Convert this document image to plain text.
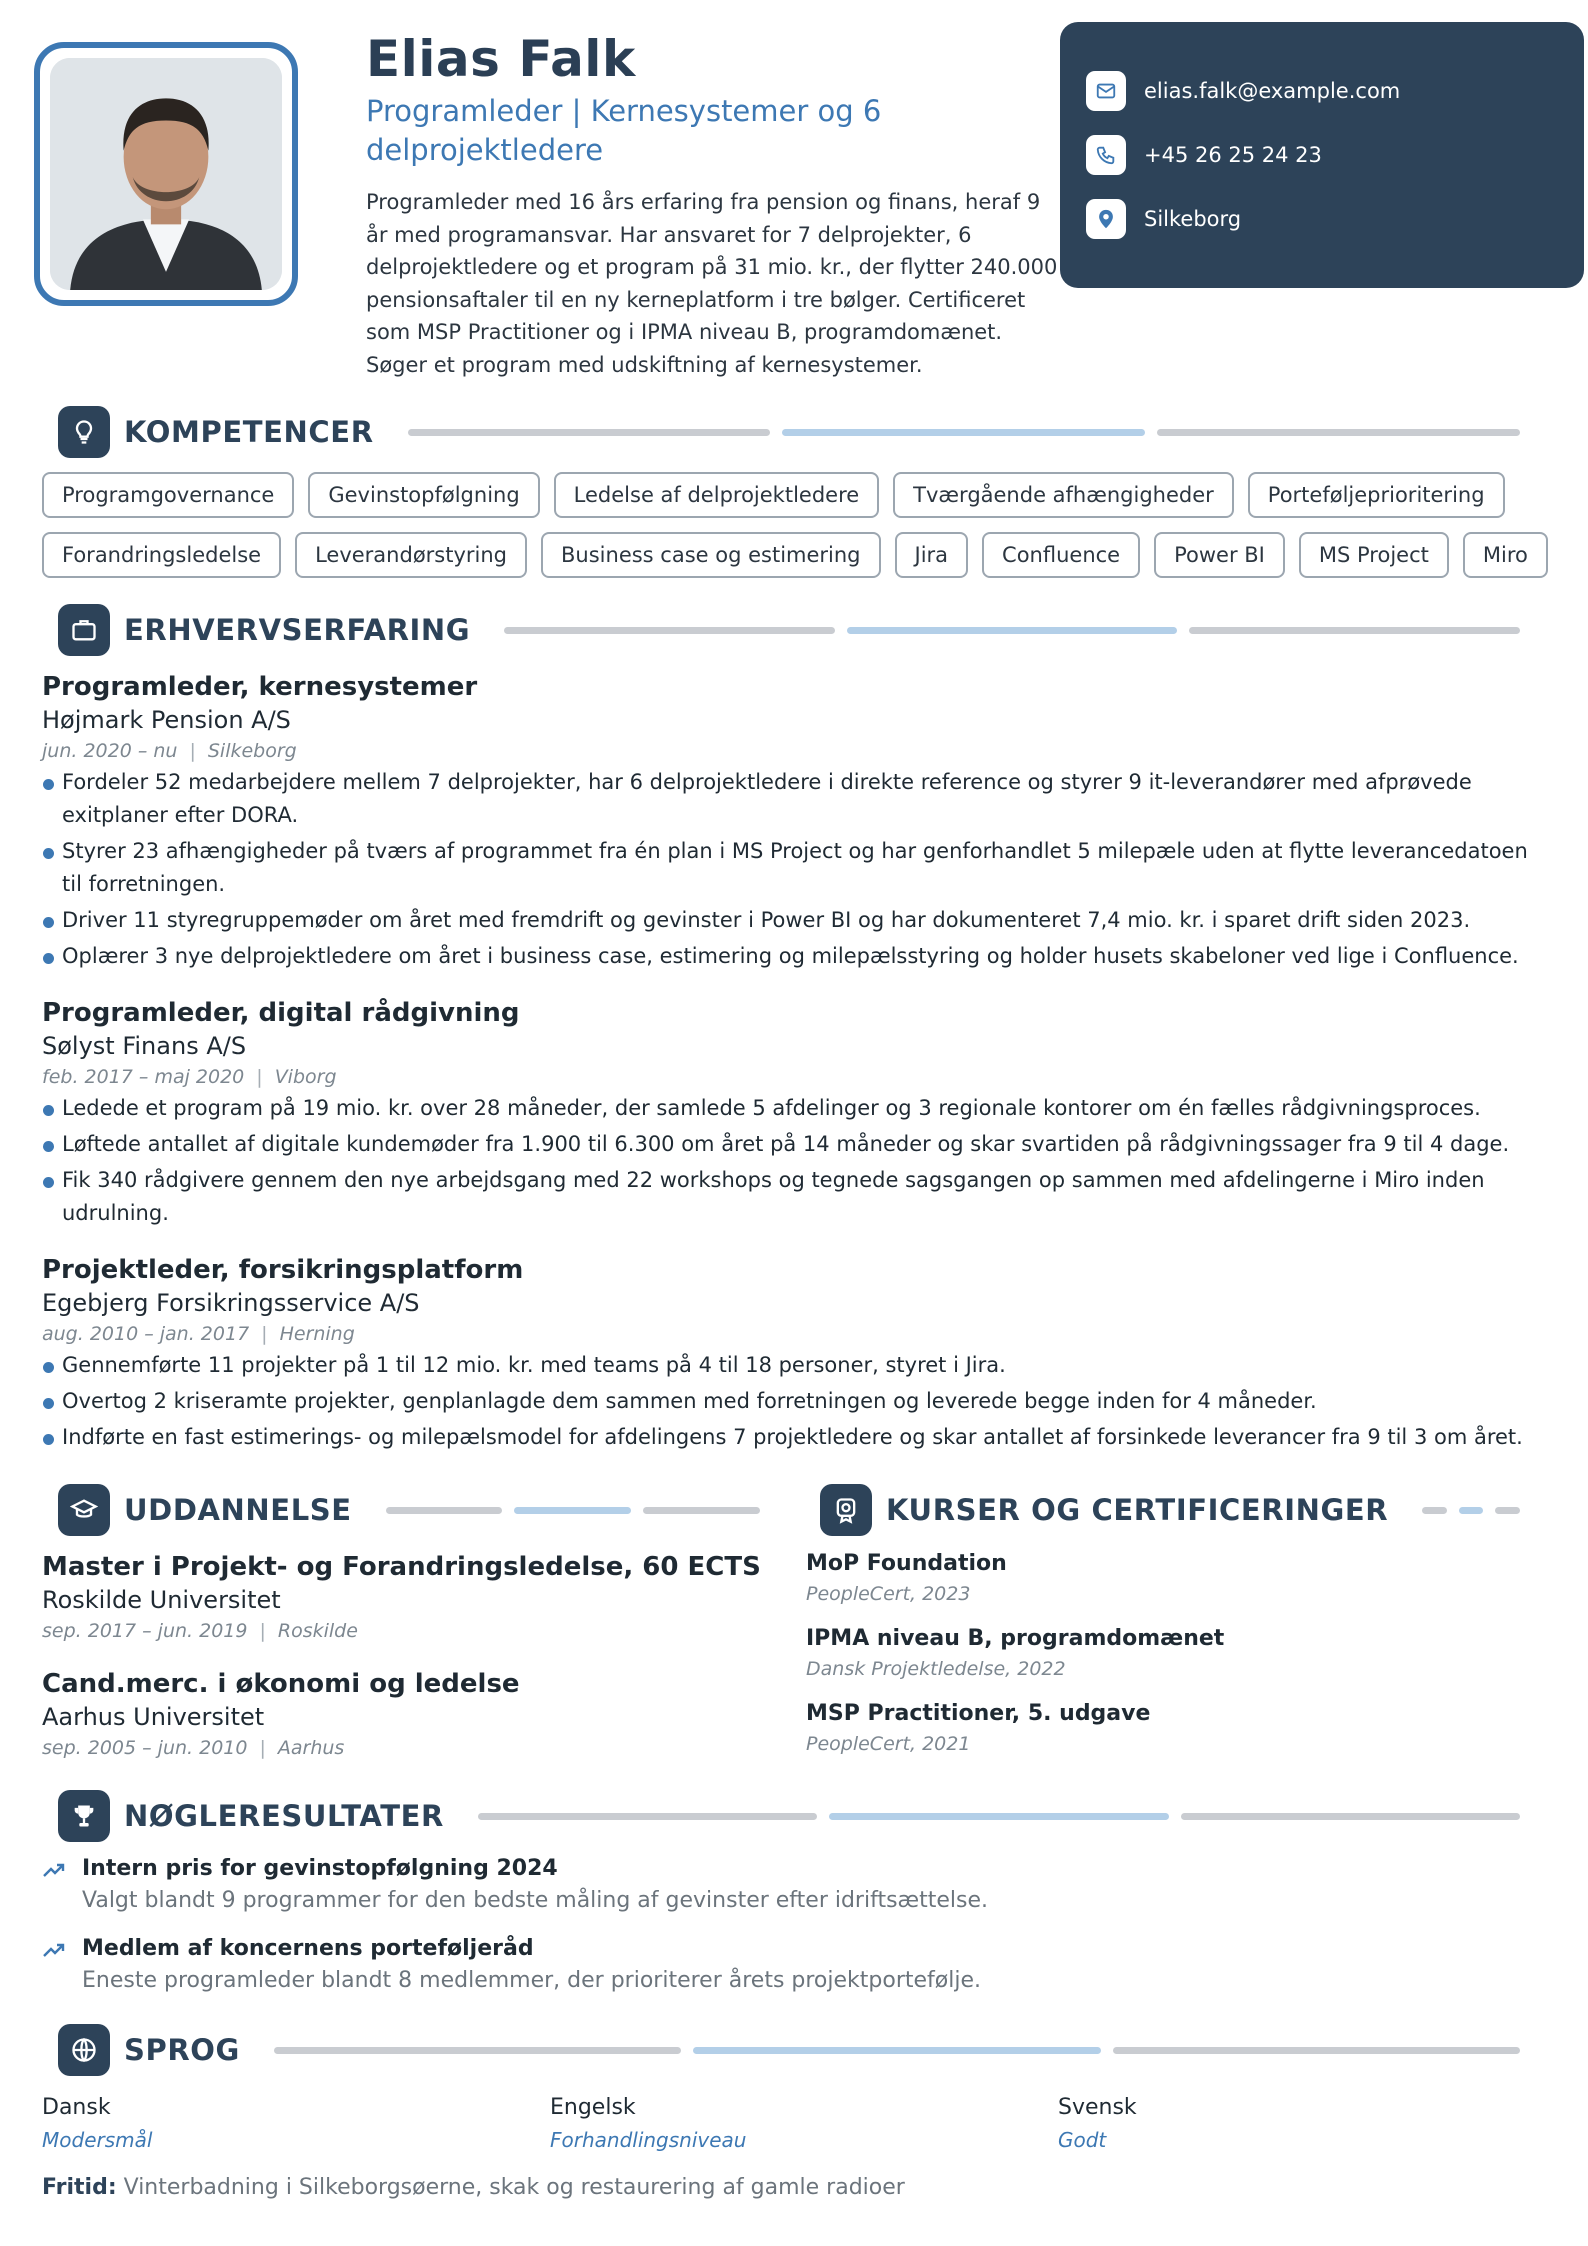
Elias Falk
Programleder | Kernesystemer og 6 delprojektledere
Programleder med 16 års erfaring fra pension og finans, heraf 9 år med programansvar. Har ansvaret for 7 delprojekter, 6 delprojektledere og et program på 31 mio. kr., der flytter 240.000 pensionsaftaler til en ny kerneplatform i tre bølger. Certificeret som MSP Practitioner og i IPMA niveau B, programdomænet. Søger et program med udskiftning af kernesystemer.
elias.falk@example.com
+45 26 25 24 23
Silkeborg
KOMPETENCER
Programgovernance	Gevinstopfølgning	Ledelse af delprojektledere	Tværgående afhængigheder	Porteføljeprioritering
Forandringsledelse	Leverandørstyring	Business case og estimering	Jira	Confluence	Power BI	MS Project	Miro
ERHVERVSERFARING
Programleder, kernesystemer
Højmark Pension A/S
jun. 2020 – nu | Silkeborg
Fordeler 52 medarbejdere mellem 7 delprojekter, har 6 delprojektledere i direkte reference og styrer 9 it-leverandører med afprøvede exitplaner efter DORA.
Styrer 23 afhængigheder på tværs af programmet fra én plan i MS Project og har genforhandlet 5 milepæle uden at flytte leverancedatoen til forretningen.
Driver 11 styregruppemøder om året med fremdrift og gevinster i Power BI og har dokumenteret 7,4 mio. kr. i sparet drift siden 2023.
Oplærer 3 nye delprojektledere om året i business case, estimering og milepælsstyring og holder husets skabeloner ved lige i Confluence.
Programleder, digital rådgivning
Sølyst Finans A/S
feb. 2017 – maj 2020 | Viborg
Ledede et program på 19 mio. kr. over 28 måneder, der samlede 5 afdelinger og 3 regionale kontorer om én fælles rådgivningsproces.
Løftede antallet af digitale kundemøder fra 1.900 til 6.300 om året på 14 måneder og skar svartiden på rådgivningssager fra 9 til 4 dage.
Fik 340 rådgivere gennem den nye arbejdsgang med 22 workshops og tegnede sagsgangen op sammen med afdelingerne i Miro inden udrulning.
Projektleder, forsikringsplatform
Egebjerg Forsikringsservice A/S
aug. 2010 – jan. 2017 | Herning
Gennemførte 11 projekter på 1 til 12 mio. kr. med teams på 4 til 18 personer, styret i Jira.
Overtog 2 kriseramte projekter, genplanlagde dem sammen med forretningen og leverede begge inden for 4 måneder.
Indførte en fast estimerings- og milepælsmodel for afdelingens 7 projektledere og skar antallet af forsinkede leverancer fra 9 til 3 om året.
UDDANNELSE
Master i Projekt- og Forandringsledelse, 60 ECTS
Roskilde Universitet
sep. 2017 – jun. 2019 | Roskilde
Cand.merc. i økonomi og ledelse
Aarhus Universitet
sep. 2005 – jun. 2010 | Aarhus
KURSER OG CERTIFICERINGER
MoP Foundation
PeopleCert, 2023
IPMA niveau B, programdomænet
Dansk Projektledelse, 2022
MSP Practitioner, 5. udgave
PeopleCert, 2021
NØGLERESULTATER
Intern pris for gevinstopfølgning 2024
Valgt blandt 9 programmer for den bedste måling af gevinster efter idriftsættelse.
Medlem af koncernens porteføljeråd
Eneste programleder blandt 8 medlemmer, der prioriterer årets projektportefølje.
SPROG
Dansk
Modersmål
Engelsk
Forhandlingsniveau
Svensk
Godt
Fritid: Vinterbadning i Silkeborgsøerne, skak og restaurering af gamle radioer
